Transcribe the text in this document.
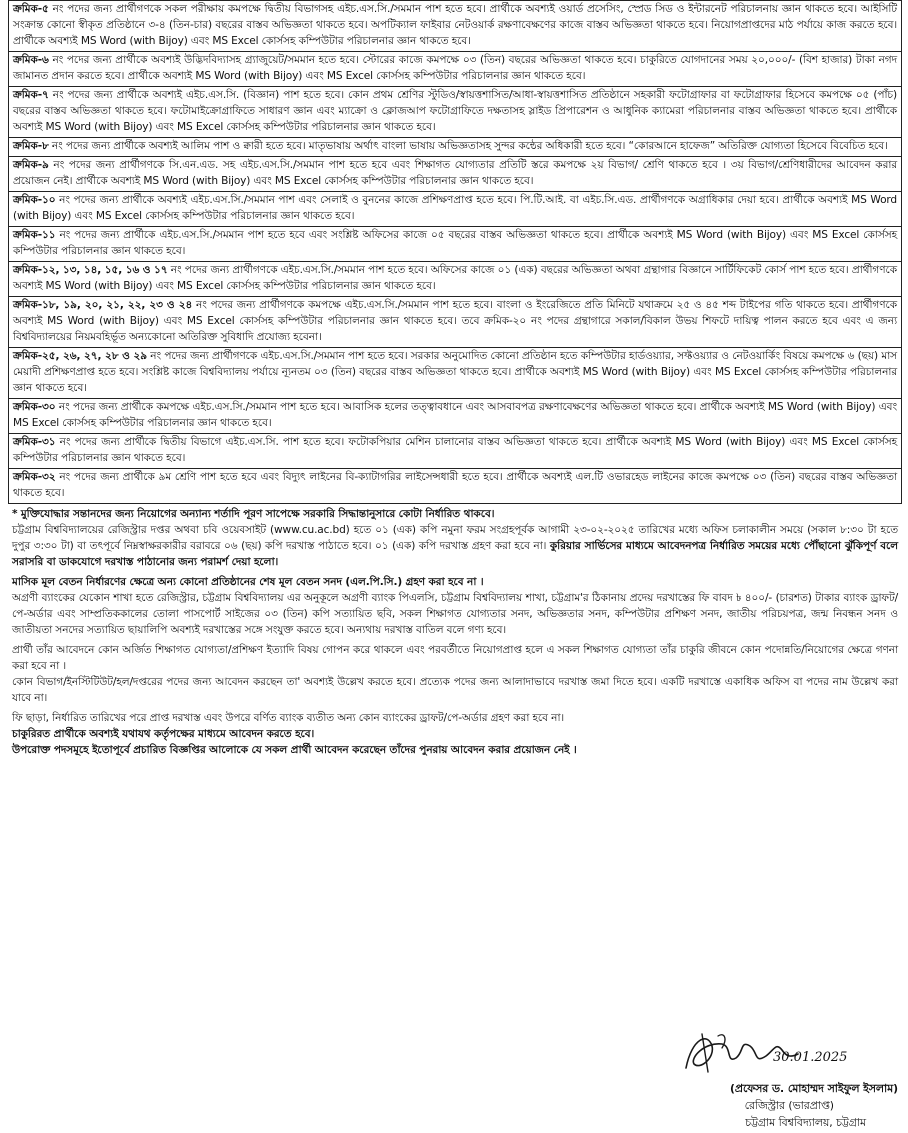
ক্রমিক-৫ নং পদের জন্য প্রার্থীগণকে সকল পরীক্ষায় কমপক্ষে দ্বিতীয় বিভাগসহ এইচ.এস.সি./সমমান পাশ হতে হবে। প্রার্থীকে অবশ্যই ওয়ার্ড প্রসেসিং, স্প্রেড সিড ও ইন্টারনেট পরিচালনায় জ্ঞান থাকতে হবে। আইসিটি সংক্রান্ত কোনো স্বীকৃত প্রতিষ্ঠানে ৩-৪ (তিন-চার) বছরের বাস্তব অভিজ্ঞতা থাকতে হবে। অপটিক্যাল ফাইবার নেটওয়ার্ক রক্ষণাবেক্ষণের কাজে বাস্তব অভিজ্ঞতা থাকতে হবে। নিয়োগপ্রাপ্তদের মাঠ পর্যায়ে কাজ করতে হবে। প্রার্থীকে অবশ্যই MS Word (with Bijoy) এবং MS Excel কোর্সসহ কম্পিউটার পরিচালনার জ্ঞান থাকতে হবে।
ক্রমিক-৬ নং পদের জন্য প্রার্থীকে অবশ্যই উদ্ভিদবিদ্যাসহ গ্র্যাজুয়েট/সমমান হতে হবে। স্টোরের কাজে কমপক্ষে ০৩ (তিন) বছরের অভিজ্ঞতা থাকতে হবে। চাকুরিতে যোগদানের সময় ২০,০০০/- (বিশ হাজার) টাকা নগদ জামানত প্রদান করতে হবে। প্রার্থীকে অবশ্যই MS Word (with Bijoy) এবং MS Excel কোর্সসহ কম্পিউটার পরিচালনার জ্ঞান থাকতে হবে।
ক্রমিক-৭ নং পদের জন্য প্রার্থীকে অবশ্যই এইচ.এস.সি. (বিজ্ঞান) পাশ হতে হবে। কোন প্রথম শ্রেণির স্টুডিও/স্বায়ত্তশাসিত/আধা-স্বায়ত্তশাসিত প্রতিষ্ঠানে সহকারী ফটোগ্রাফার বা ফটোগ্রাফার হিসেবে কমপক্ষে ০৫ (পাঁচ) বছরের বাস্তব অভিজ্ঞতা থাকতে হবে। ফটোমাইক্রোগ্রাফিতে সাধারণ জ্ঞান এবং ম্যাক্রো ও ক্লোজআপ ফটোগ্রাফিতে দক্ষতাসহ স্লাইড প্রিপারেশন ও আধুনিক ক্যামেরা পরিচালনার বাস্তব অভিজ্ঞতা থাকতে হবে। প্রার্থীকে অবশ্যই MS Word (with Bijoy) এবং MS Excel কোর্সসহ কম্পিউটার পরিচালনার জ্ঞান থাকতে হবে।
ক্রমিক-৮ নং পদের জন্য প্রার্থীকে অবশ্যই আলিম পাশ ও ক্বারী হতে হবে। মাতৃভাষায় অর্থাৎ বাংলা ভাষায় অভিজ্ঞতাসহ সুন্দর কন্ঠের অধিকারী হতে হবে। “কোরআনে হাফেজ” অতিরিক্ত যোগ্যতা হিসেবে বিবেচিত হবে।
ক্রমিক-৯ নং পদের জন্য প্রার্থীগণকে সি.এন.এড. সহ এইচ.এস.সি./সমমান পাশ হতে হবে এবং শিক্ষাগত যোগ্যতার প্রতিটি স্তরে কমপক্ষে ২য় বিভাগ/ শ্রেণি থাকতে হবে । ৩য় বিভাগ/শ্রেণিধারীদের আবেদন করার প্রয়োজন নেই। প্রার্থীকে অবশ্যই MS Word (with Bijoy) এবং MS Excel কোর্সসহ কম্পিউটার পরিচালনার জ্ঞান থাকতে হবে।
ক্রমিক-১০ নং পদের জন্য প্রার্থীকে অবশ্যই এইচ.এস.সি./সমমান পাশ এবং সেলাই ও বুননের কাজে প্রশিক্ষণপ্রাপ্ত হতে হবে। পি.টি.আই. বা এইচ.সি.এড. প্রার্থীগণকে অগ্রাধিকার দেয়া হবে। প্রার্থীকে অবশ্যই MS Word (with Bijoy) এবং MS Excel কোর্সসহ কম্পিউটার পরিচালনার জ্ঞান থাকতে হবে।
ক্রমিক-১১ নং পদের জন্য প্রার্থীকে এইচ.এস.সি./সমমান পাশ হতে হবে এবং সংশ্লিষ্ট অফিসের কাজে ০৫ বছরের বাস্তব অভিজ্ঞতা থাকতে হবে। প্রার্থীকে অবশ্যই MS Word (with Bijoy) এবং MS Excel কোর্সসহ কম্পিউটার পরিচালনার জ্ঞান থাকতে হবে।
ক্রমিক-১২, ১৩, ১৪, ১৫, ১৬ ও ১৭ নং পদের জন্য প্রার্থীগণকে এইচ.এস.সি./সমমান পাশ হতে হবে। অফিসের কাজে ০১ (এক) বছরের অভিজ্ঞতা অথবা গ্রন্থাগার বিজ্ঞানে সার্টিফিকেট কোর্স পাশ হতে হবে। প্রার্থীগণকে অবশ্যই MS Word (with Bijoy) এবং MS Excel কোর্সসহ কম্পিউটার পরিচালনার জ্ঞান থাকতে হবে।
ক্রমিক-১৮, ১৯, ২০, ২১, ২২, ২৩ ও ২৪ নং পদের জন্য প্রার্থীগণকে কমপক্ষে এইচ.এস.সি./সমমান পাশ হতে হবে। বাংলা ও ইংরেজিতে প্রতি মিনিটে যথাক্রমে ২৫ ও ৪৫ শব্দ টাইপের গতি থাকতে হবে। প্রার্থীগণকে অবশ্যই MS Word (with Bijoy) এবং MS Excel কোর্সসহ কম্পিউটার পরিচালনার জ্ঞান থাকতে হবে। তবে ক্রমিক-২০ নং পদের গ্রন্থাগারে সকাল/বিকাল উভয় শিফটে দায়িত্ব পালন করতে হবে এবং এ জন্য বিশ্ববিদ্যালয়ের নিয়মবহির্ভূত অন্যকোনো অতিরিক্ত সুবিধাদি প্রযোজ্য হবেনা।
ক্রমিক-২৫, ২৬, ২৭, ২৮ ও ২৯ নং পদের জন্য প্রার্থীগণকে এইচ.এস.সি./সমমান পাশ হতে হবে। সরকার অনুমোদিত কোনো প্রতিষ্ঠান হতে কম্পিউটার হার্ডওয়্যার, সফ্টওয়্যার ও নেটওয়ার্কিং বিষয়ে কমপক্ষে ৬ (ছয়) মাস মেয়াদী প্রশিক্ষণপ্রাপ্ত হতে হবে। সংশ্লিষ্ট কাজে বিশ্ববিদ্যালয় পর্যায়ে ন্যূনতম ০৩ (তিন) বছরের বাস্তব অভিজ্ঞতা থাকতে হবে। প্রার্থীকে অবশ্যই MS Word (with Bijoy) এবং MS Excel কোর্সসহ কম্পিউটার পরিচালনার জ্ঞান থাকতে হবে।
ক্রমিক-৩০ নং পদের জন্য প্রার্থীকে কমপক্ষে এইচ.এস.সি./সমমান পাশ হতে হবে। আবাসিক হলের তত্ত্বাবধানে এবং আসবাবপত্র রক্ষণাবেক্ষণের অভিজ্ঞতা থাকতে হবে। প্রার্থীকে অবশ্যই MS Word (with Bijoy) এবং MS Excel কোর্সসহ কম্পিউটার পরিচালনার জ্ঞান থাকতে হবে।
ক্রমিক-৩১ নং পদের জন্য প্রার্থীকে দ্বিতীয় বিভাগে এইচ.এস.সি. পাশ হতে হবে। ফটোকপিয়ার মেশিন চালানোর বাস্তব অভিজ্ঞতা থাকতে হবে। প্রার্থীকে অবশ্যই MS Word (with Bijoy) এবং MS Excel কোর্সসহ কম্পিউটার পরিচালনার জ্ঞান থাকতে হবে।
ক্রমিক-৩২ নং পদের জন্য প্রার্থীকে ৯ম শ্রেণি পাশ হতে হবে এবং বিদ্যুৎ লাইনের বি-ক্যাটাগরির লাইসেন্সধারী হতে হবে। প্রার্থীকে অবশ্যই এল.টি ওভারহেড লাইনের কাজে কমপক্ষে ০৩ (তিন) বছরের বাস্তব অভিজ্ঞতা থাকতে হবে।

* মুক্তিযোদ্ধার সন্তানদের জন্য নিয়োগের অন্যান্য শর্তাদি পূরণ সাপেক্ষে সরকারি সিদ্ধান্তানুসারে কোটা নির্ধারিত থাকবে।

চট্টগ্রাম বিশ্ববিদ্যালয়ের রেজিস্ট্রার দপ্তর অথবা চবি ওয়েবসাইট (www.cu.ac.bd) হতে ০১ (এক) কপি নমুনা ফরম সংগ্রহপূর্বক আগামী ২৩-০২-২০২৫ তারিখের মধ্যে অফিস চলাকালীন সময়ে (সকাল ৮:৩০ টা হতে দুপুর ৩:৩০ টা) বা তৎপূর্বে নিম্নস্বাক্ষরকারীর বরাবরে ০৬ (ছয়) কপি দরখাস্ত পাঠাতে হবে। ০১ (এক) কপি দরখাস্ত গ্রহণ করা হবে না। কুরিয়ার সার্ভিসের মাধ্যমে আবেদনপত্র নির্ধারিত সময়ের মধ্যে পৌঁছানো ঝুঁকিপূর্ণ বলে সরাসরি বা ডাকযোগে দরখাস্ত পাঠানোর জন্য পরামর্শ দেয়া হলো।

মাসিক মূল বেতন নির্ধারণের ক্ষেত্রে অন্য কোনো প্রতিষ্ঠানের শেষ মূল বেতন সনদ (এল.পি.সি.) গ্রহণ করা হবে না ।

অগ্রণী ব্যাংকের যেকোন শাখা হতে রেজিস্ট্রার, চট্টগ্রাম বিশ্ববিদ্যালয় এর অনুকূলে অগ্রণী ব্যাংক পিএলসি, চট্টগ্রাম বিশ্ববিদ্যালয় শাখা, চট্টগ্রাম'র ঠিকানায় প্রদেয় দরখাস্তের ফি বাবদ ৳ ৪০০/- (চারশত) টাকার ব্যাংক ড্রাফট/পে-অর্ডার এবং সাম্প্রতিককালের তোলা পাসপোর্ট সাইজের ০৩ (তিন) কপি সত্যায়িত ছবি, সকল শিক্ষাগত যোগ্যতার সনদ, অভিজ্ঞতার সনদ, কম্পিউটার প্রশিক্ষণ সনদ, জাতীয় পরিচয়পত্র, জন্ম নিবন্ধন সনদ ও জাতীয়তা সনদের সত্যায়িত ছায়ালিপি অবশ্যই দরখাস্তের সঙ্গে সংযুক্ত করতে হবে। অন্যথায় দরখাস্ত বাতিল বলে গণ্য হবে।

প্রার্থী তাঁর আবেদনে কোন অর্জিত শিক্ষাগত যোগ্যতা/প্রশিক্ষণ ইত্যাদি বিষয় গোপন করে থাকলে এবং পরবর্তীতে নিয়োগপ্রাপ্ত হলে এ সকল শিক্ষাগত যোগ্যতা তাঁর চাকুরি জীবনে কোন পদোন্নতি/নিয়োগের ক্ষেত্রে গণনা করা হবে না ।

কোন বিভাগ/ইনস্টিটিউট/হল/দপ্তরের পদের জন্য আবেদন করছেন তা' অবশ্যই উল্লেখ করতে হবে। প্রত্যেক পদের জন্য আলাদাভাবে দরখাস্ত জমা দিতে হবে। একটি দরখাস্তে একাধিক অফিস বা পদের নাম উল্লেখ করা যাবে না।

ফি ছাড়া, নির্ধারিত তারিখের পরে প্রাপ্ত দরখাস্ত এবং উপরে বর্ণিত ব্যাংক ব্যতীত অন্য কোন ব্যাংকের ড্রাফট/পে-অর্ডার গ্রহণ করা হবে না।

চাকুরিরত প্রার্থীকে অবশ্যই যথাযথ কর্তৃপক্ষের মাধ্যমে আবেদন করতে হবে।

উপরোক্ত পদসমূহে ইতোপূর্বে প্রচারিত বিজ্ঞপ্তির আলোকে যে সকল প্রার্থী আবেদন করেছেন তাঁদের পুনরায় আবেদন করার প্রয়োজন নেই ।

30.01.2025
(প্রফেসর ড. মোহাম্মদ সাইফুল ইসলাম)
রেজিস্ট্রার (ভারপ্রাপ্ত)
চট্টগ্রাম বিশ্ববিদ্যালয়, চট্টগ্রাম
